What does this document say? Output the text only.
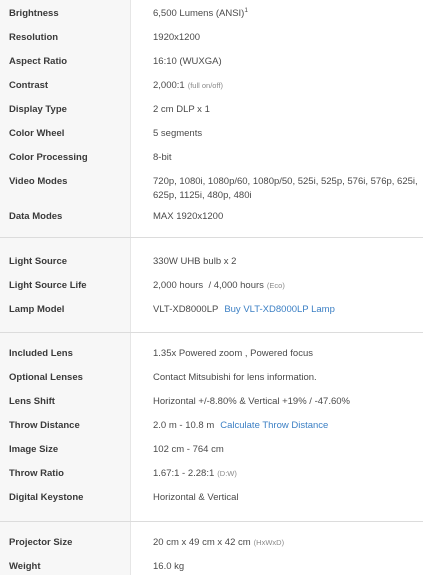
Brightness	6,500 Lumens (ANSI)$^1$
Resolution	1920x1200
Aspect Ratio	16:10 (WUXGA)
Contrast	2,000:1 (full on/off)
Display Type	2 cm DLP x 1
Color Wheel	5 segments
Color Processing	8-bit
Video Modes	720p, 1080i, 1080p/60, 1080p/50, 525i, 525p, 576i, 576p, 625i, 625p, 1125i, 480p, 480i
Data Modes	MAX 1920x1200
Light Source	330W UHB bulb x 2
Light Source Life	2,000 hours  / 4,000 hours (Eco)
Lamp Model	VLT-XD8000LP Buy VLT-XD8000LP Lamp
Included Lens	1.35x Powered zoom , Powered focus
Optional Lenses	Contact Mitsubishi for lens information.
Lens Shift	Horizontal +/-8.80% & Vertical +19% / -47.60%
Throw Distance	2.0 m - 10.8 m Calculate Throw Distance
Image Size	102 cm - 764 cm
Throw Ratio	1.67:1 - 2.28:1 (D:W)
Digital Keystone	Horizontal & Vertical
Projector Size	20 cm x 49 cm x 42 cm (HxWxD)
Weight	16.0 kg
